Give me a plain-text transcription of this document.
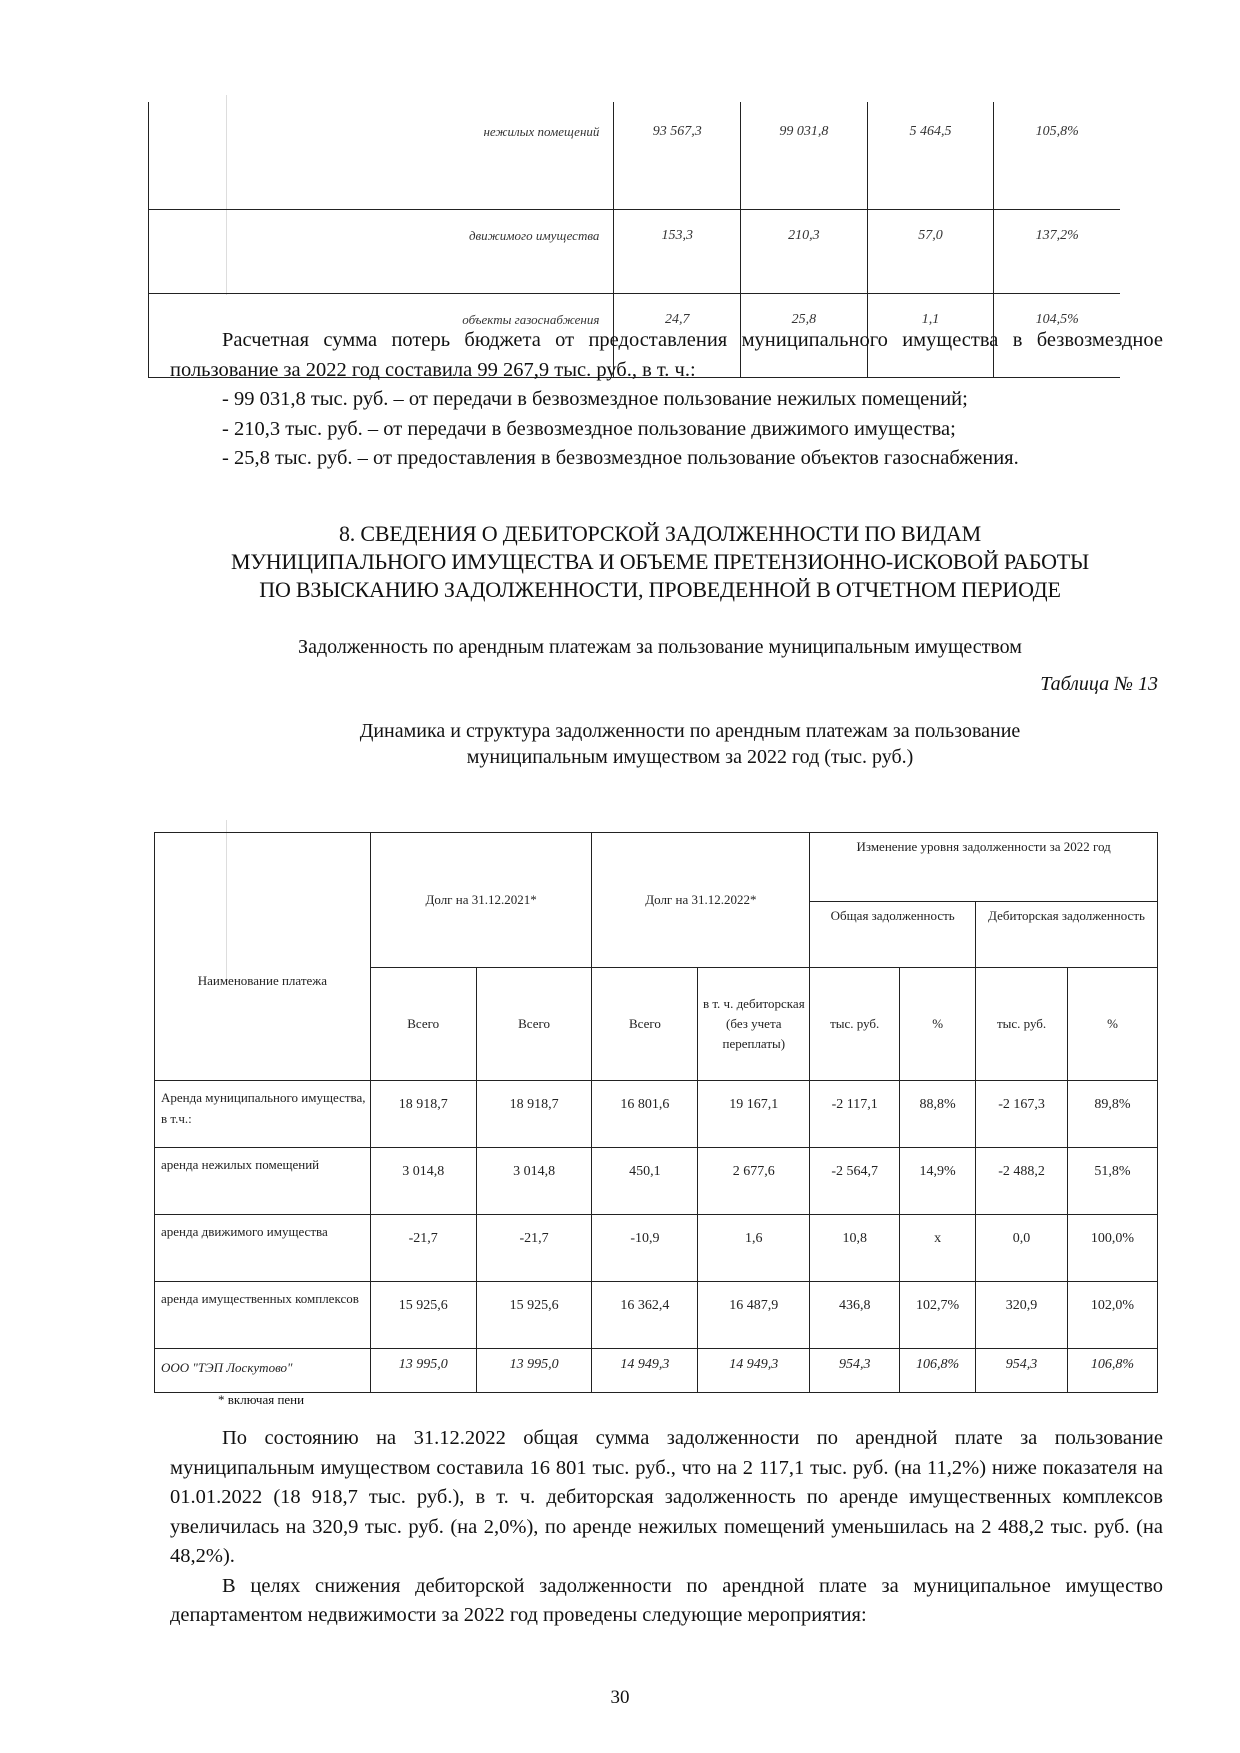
нежилых помещений	93 567,3	99 031,8	5 464,5	105,8%
движимого имущества	153,3	210,3	57,0	137,2%
объекты газоснабжения	24,7	25,8	1,1	104,5%

Расчетная сумма потерь бюджета от предоставления муниципального имущества в безвозмездное пользование за 2022 год составила 99 267,9 тыс. руб., в т. ч.:

- 99 031,8 тыс. руб. – от передачи в безвозмездное пользование нежилых помещений;

- 210,3 тыс. руб. – от передачи в безвозмездное пользование движимого имущества;

- 25,8 тыс. руб. – от предоставления в безвозмездное пользование объектов газоснабжения.

8. СВЕДЕНИЯ О ДЕБИТОРСКОЙ ЗАДОЛЖЕННОСТИ ПО ВИДАМ
МУНИЦИПАЛЬНОГО ИМУЩЕСТВА И ОБЪЕМЕ ПРЕТЕНЗИОННО-ИСКОВОЙ РАБОТЫ
ПО ВЗЫСКАНИЮ ЗАДОЛЖЕННОСТИ, ПРОВЕДЕННОЙ В ОТЧЕТНОМ ПЕРИОДЕ
Задолженность по арендным платежам за пользование муниципальным имуществом
Таблица № 13
Динамика и структура задолженности по арендным платежам за пользование
муниципальным имуществом за 2022 год (тыс. руб.)
Наименование платежа	Долг на 31.12.2021*		Долг на 31.12.2022*		Изменение уровня задолженности за 2022 год			
					Общая задолженность		Дебиторская задолженность	
	Всего	Всего	Всего	в т. ч. дебиторская (без учета переплаты)	тыс. руб.	%	тыс. руб.	%
Аренда муниципального имущества, в т.ч.:	18 918,7	18 918,7	16 801,6	19 167,1	-2 117,1	88,8%	-2 167,3	89,8%
аренда нежилых помещений	3 014,8	3 014,8	450,1	2 677,6	-2 564,7	14,9%	-2 488,2	51,8%
аренда движимого имущества	-21,7	-21,7	-10,9	1,6	10,8	x	0,0	100,0%
аренда имущественных комплексов	15 925,6	15 925,6	16 362,4	16 487,9	436,8	102,7%	320,9	102,0%
ООО "ТЭП Лоскутово"	13 995,0	13 995,0	14 949,3	14 949,3	954,3	106,8%	954,3	106,8%
* включая пени

По состоянию на 31.12.2022 общая сумма задолженности по арендной плате за пользование муниципальным имуществом составила 16 801 тыс. руб., что на 2 117,1 тыс. руб. (на 11,2%) ниже показателя на 01.01.2022 (18 918,7 тыс. руб.), в т. ч. дебиторская задолженность по аренде имущественных комплексов увеличилась на 320,9 тыс. руб. (на 2,0%), по аренде нежилых помещений уменьшилась на 2 488,2 тыс. руб. (на 48,2%).

В целях снижения дебиторской задолженности по арендной плате за муниципальное имущество департаментом недвижимости за 2022 год проведены следующие мероприятия:

30
